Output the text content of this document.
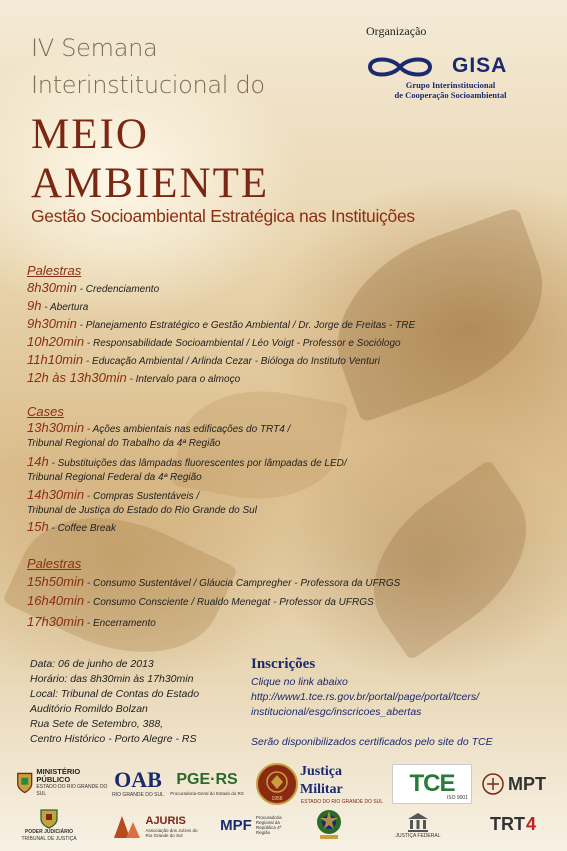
IV Semana
Interinstitucional do
MEIO
AMBIENTE
Gestão Socioambiental Estratégica nas Instituições
Organização
GISA
Grupo Interinstitucional
de Cooperação Socioambiental
Palestras
8h30min - Credenciamento
9h - Abertura
9h30min - Planejamento Estratégico e Gestão Ambiental / Dr. Jorge de Freitas - TRE
10h20min - Responsabilidade Socioambiental / Léo Voigt - Professor e Sociólogo
11h10min - Educação Ambiental / Arlinda Cezar - Bióloga do Instituto Venturi
12h às 13h30min - Intervalo para o almoço
Cases
13h30min - Ações ambientais nas edificações do TRT4 /
Tribunal Regional do Trabalho da 4ª Região
14h - Substituições das lâmpadas fluorescentes por lâmpadas de LED/
Tribunal Regional Federal da 4ª Região
14h30min - Compras Sustentáveis /
Tribunal de Justiça do Estado do Rio Grande do Sul
15h - Coffee Break
Palestras
15h50min - Consumo Sustentável / Gláucia Campregher - Professora da UFRGS
16h40min - Consumo Consciente / Rualdo Menegat - Professor da UFRGS
17h30min - Encerramento
Data: 06 de junho de 2013
Horário: das 8h30min às 17h30min
Local: Tribunal de Contas do Estado
Auditório Romildo Bolzan
Rua Sete de Setembro, 388,
Centro Histórico - Porto Alegre - RS
Inscrições
Clique no link abaixo
http://www1.tce.rs.gov.br/portal/page/portal/tcers/
institucional/esgc/inscricoes_abertas
Serão disponibilizados certificados pelo site do TCE
MINISTÉRIO PÚBLICO
ESTADO DO RIO GRANDE DO SUL
OAB
RIO GRANDE DO SUL
PGE·RS
Procuradoria-Geral do Estado do RS
1958
Justiça Militar
ESTADO DO RIO GRANDE DO SUL
TCE
ISO 9001
MPT
PODER JUDICIÁRIO
TRIBUNAL DE JUSTIÇA
AJURIS
Associação dos Juízes do Rio Grande do Sul
MPF Procuradoria Regional da República 4ª Região	JUSTIÇA FEDERAL
TRT 4
